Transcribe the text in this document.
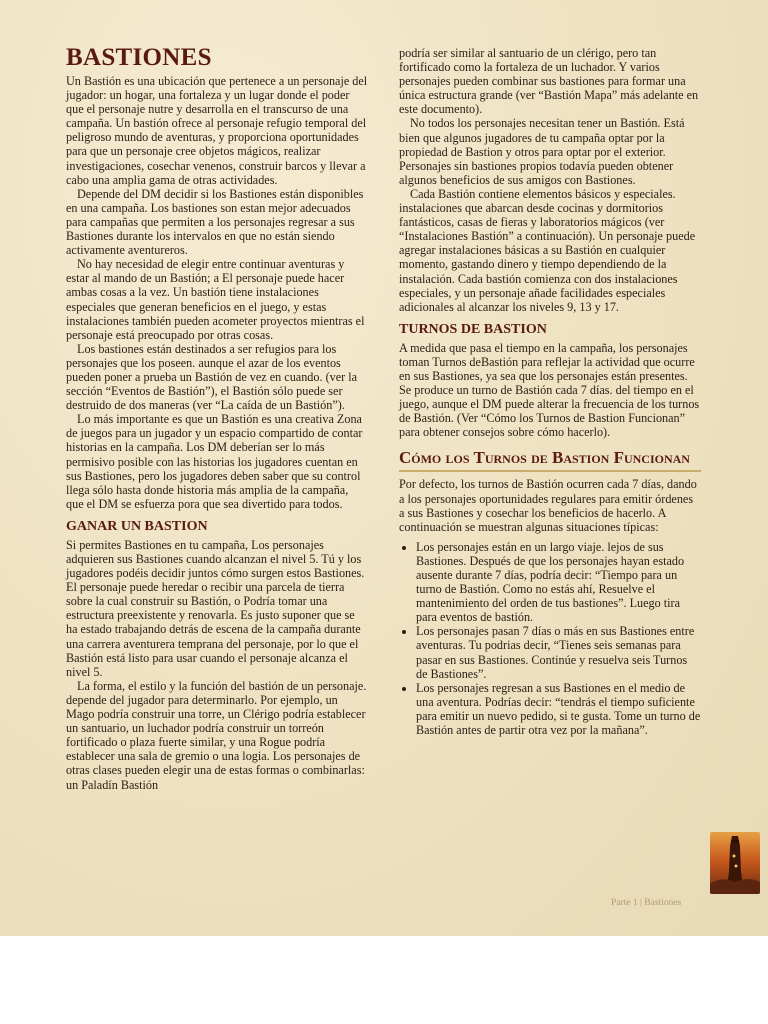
BASTIONES

Un Bastión es una ubicación que pertenece a un personaje del jugador: un hogar, una fortaleza y un lugar donde el poder que el personaje nutre y desarrolla en el transcurso de una campaña. Un bastión ofrece al personaje refugio temporal del peligroso mundo de aventuras, y proporciona oportunidades para que un personaje cree objetos mágicos, realizar investigaciones, cosechar venenos, construir barcos y llevar a cabo una amplia gama de otras actividades.

Depende del DM decidir si los Bastiones están disponibles en una campaña. Los bastiones son estan mejor adecuados para campañas que permiten a los personajes regresar a sus Bastiones durante los intervalos en que no están siendo activamente aventureros.

No hay necesidad de elegir entre continuar aventuras y estar al mando de un Bastión; a El personaje puede hacer ambas cosas a la vez. Un bastión tiene instalaciones especiales que generan beneficios en el juego, y estas instalaciones también pueden acometer proyectos mientras el personaje está preocupado por otras cosas.

Los bastiones están destinados a ser refugios para los personajes que los poseen. aunque el azar de los eventos pueden poner a prueba un Bastión de vez en cuando. (ver la sección “Eventos de Bastión”), el Bastión sólo puede ser destruido de dos maneras (ver “La caída de un Bastión”).

Lo más importante es que un Bastión es una creativa Zona de juegos para un jugador y un espacio compartido de contar historias en la campaña. Los DM deberían ser lo más permisivo posible con las historias los jugadores cuentan en sus Bastiones, pero los jugadores deben saber que su control llega sólo hasta donde historia más amplia de la campaña, que el DM se esfuerza pora que sea divertido para todos.

GANAR UN BASTION

Si permites Bastiones en tu campaña, Los personajes adquieren sus Bastiones cuando alcanzan el nivel 5. Tú y los jugadores podéis decidir juntos cómo surgen estos Bastiones. El personaje puede heredar o recibir una parcela de tierra sobre la cual construir su Bastión, o Podría tomar una estructura preexistente y renovarla. Es justo suponer que se ha estado trabajando detrás de escena de la campaña durante una carrera aventurera temprana del personaje, por lo que el Bastión está listo para usar cuando el personaje alcanza el nivel 5.

La forma, el estilo y la función del bastión de un personaje. depende del jugador para determinarlo. Por ejemplo, un Mago podría construir una torre, un Clérigo podría establecer un santuario, un luchador podría construir un torreón fortificado o plaza fuerte similar, y una Rogue podría establecer una sala de gremio o una logia. Los personajes de otras clases pueden elegir una de estas formas o combinarlas: un Paladín Bastión

podría ser similar al santuario de un clérigo, pero tan fortificado como la fortaleza de un luchador. Y varios personajes pueden combinar sus bastiones para formar una única estructura grande (ver “Bastión Mapa” más adelante en este documento).

No todos los personajes necesitan tener un Bastión. Está bien que algunos jugadores de tu campaña optar por la propiedad de Bastion y otros para optar por el exterior. Personajes sin bastiones propios todavía pueden obtener algunos beneficios de sus amigos con Bastiones.

Cada Bastión contiene elementos básicos y especiales. instalaciones que abarcan desde cocinas y dormitorios fantásticos, casas de fieras y laboratorios mágicos (ver “Instalaciones Bastión” a continuación). Un personaje puede agregar instalaciones básicas a su Bastión en cualquier momento, gastando dinero y tiempo dependiendo de la instalación. Cada bastión comienza con dos instalaciones especiales, y un personaje añade facilidades especiales adicionales al alcanzar los niveles 9, 13 y 17.

TURNOS DE BASTION

A medida que pasa el tiempo en la campaña, los personajes toman Turnos deBastión para reflejar la actividad que ocurre en sus Bastiones, ya sea que los personajes están presentes. Se produce un turno de Bastión cada 7 días. del tiempo en el juego, aunque el DM puede alterar la frecuencia de los turnos de Bastión. (Ver “Cómo los Turnos de Bastion Funcionan” para obtener consejos sobre cómo hacerlo).

Cómo los Turnos de Bastion Funcionan

Por defecto, los turnos de Bastión ocurren cada 7 días, dando a los personajes oportunidades regulares para emitir órdenes a sus Bastiones y cosechar los beneficios de hacerlo. A continuación se muestran algunas situaciones típicas:

• Los personajes están en un largo viaje. lejos de sus Bastiones. Después de que los personajes hayan estado ausente durante 7 días, podría decir: “Tiempo para un turno de Bastión. Como no estás ahí, Resuelve el mantenimiento del orden de tus bastiones”. Luego tira para eventos de bastión.
• Los personajes pasan 7 días o más en sus Bastiones entre aventuras. Tu podrias decir, “Tienes seis semanas para pasar en sus Bastiones. Continúe y resuelva seis Turnos de Bastiones”.
• Los personajes regresan a sus Bastiones en el medio de una aventura. Podrías decir: “tendrás el tiempo suficiente para emitir un nuevo pedido, si te gusta. Tome un turno de Bastión antes de partir otra vez por la mañana”.
Parte 1 | Bastiones
